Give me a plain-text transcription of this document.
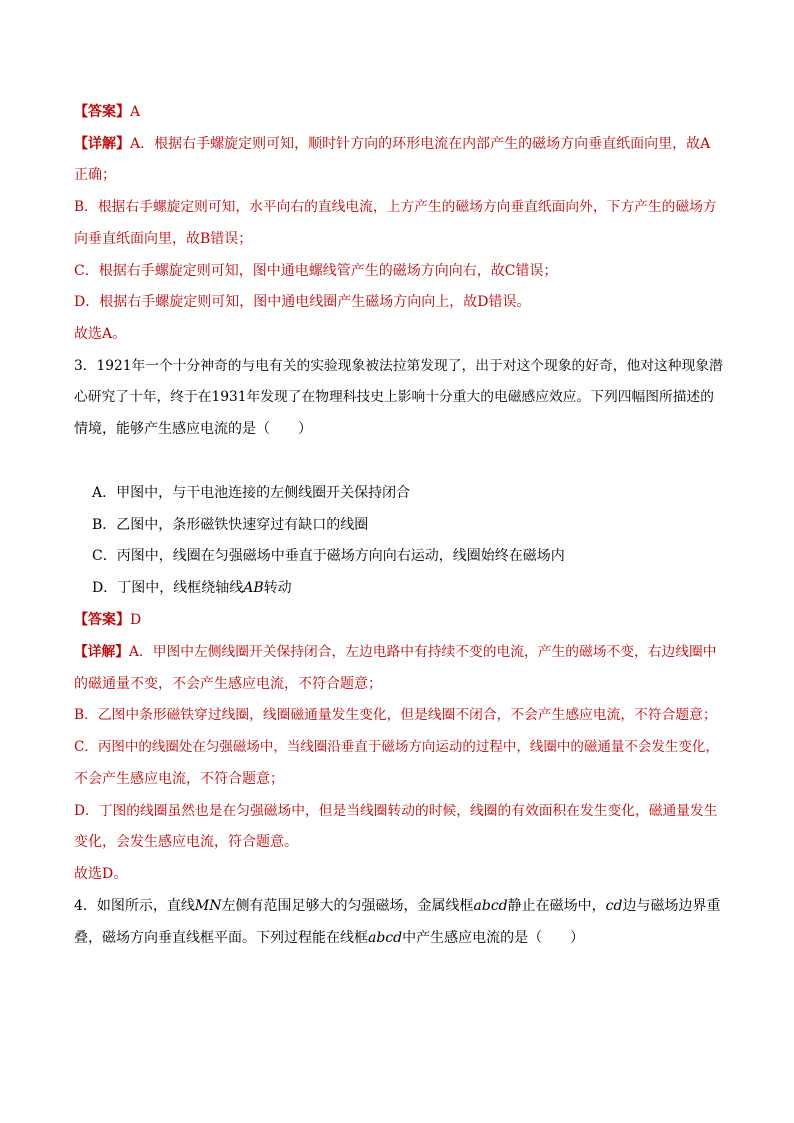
【答案】A
【详解】A．根据右手螺旋定则可知，顺时针方向的环形电流在内部产生的磁场方向垂直纸面向里，故A
正确；
B．根据右手螺旋定则可知，水平向右的直线电流，上方产生的磁场方向垂直纸面向外，下方产生的磁场方
向垂直纸面向里，故B错误；
C．根据右手螺旋定则可知，图中通电螺线管产生的磁场方向向右，故C错误；
D．根据右手螺旋定则可知，图中通电线圈产生磁场方向向上，故D错误。
故选A。
3．1921年一个十分神奇的与电有关的实验现象被法拉第发现了，出于对这个现象的好奇，他对这种现象潜
心研究了十年，终于在1931年发现了在物理科技史上影响十分重大的电磁感应效应。下列四幅图所描述的
情境，能够产生感应电流的是（　　）
A．甲图中，与干电池连接的左侧线圈开关保持闭合
B．乙图中，条形磁铁快速穿过有缺口的线圈
C．丙图中，线圈在匀强磁场中垂直于磁场方向向右运动，线圈始终在磁场内
D．丁图中，线框绕轴线AB转动
【答案】D
【详解】A．甲图中左侧线圈开关保持闭合，左边电路中有持续不变的电流，产生的磁场不变，右边线圈中
的磁通量不变，不会产生感应电流，不符合题意；
B．乙图中条形磁铁穿过线圈，线圈磁通量发生变化，但是线圈不闭合，不会产生感应电流，不符合题意；
C．丙图中的线圈处在匀强磁场中，当线圈沿垂直于磁场方向运动的过程中，线圈中的磁通量不会发生变化，
不会产生感应电流，不符合题意；
D．丁图的线圈虽然也是在匀强磁场中，但是当线圈转动的时候，线圈的有效面积在发生变化，磁通量发生
变化，会发生感应电流，符合题意。
故选D。
4．如图所示，直线MN左侧有范围足够大的匀强磁场，金属线框abcd静止在磁场中，cd边与磁场边界重
叠，磁场方向垂直线框平面。下列过程能在线框abcd中产生感应电流的是（　　）
